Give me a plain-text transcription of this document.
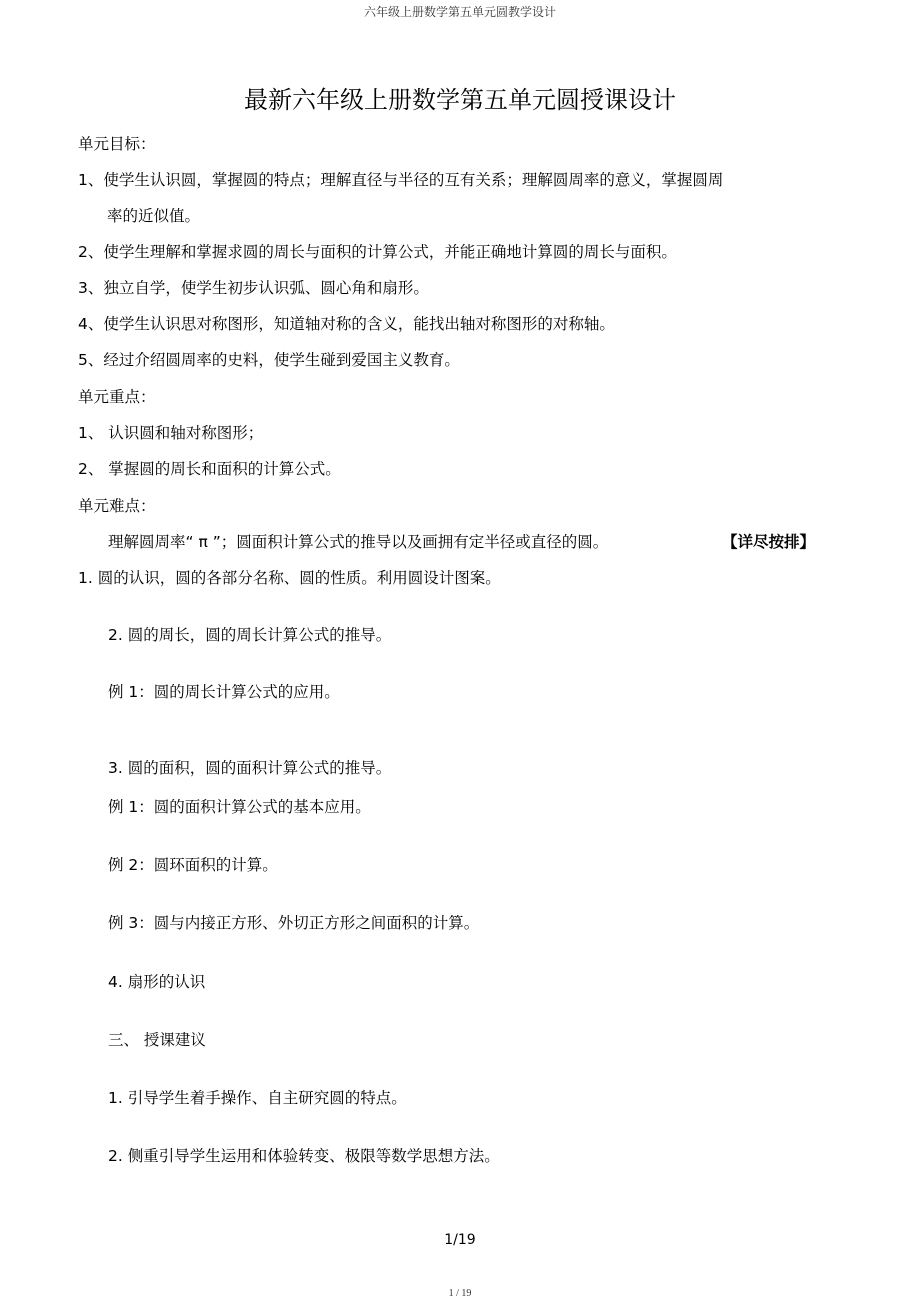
六年级上册数学第五单元圆教学设计
最新六年级上册数学第五单元圆授课设计
单元目标：
1、使学生认识圆，掌握圆的特点；理解直径与半径的互有关系；理解圆周率的意义，掌握圆周
率的近似值。
2、使学生理解和掌握求圆的周长与面积的计算公式，并能正确地计算圆的周长与面积。
3、独立自学，使学生初步认识弧、圆心角和扇形。
4、使学生认识思对称图形，知道轴对称的含义，能找出轴对称图形的对称轴。
5、经过介绍圆周率的史料，使学生碰到爱国主义教育。
单元重点：
1、 认识圆和轴对称图形；
2、 掌握圆的周长和面积的计算公式。
单元难点：
理解圆周率“ π ”；圆面积计算公式的推导以及画拥有定半径或直径的圆。	【详尽按排】
1. 圆的认识，圆的各部分名称、圆的性质。利用圆设计图案。
2. 圆的周长，圆的周长计算公式的推导。
例 1：圆的周长计算公式的应用。
3. 圆的面积，圆的面积计算公式的推导。
例 1：圆的面积计算公式的基本应用。
例 2：圆环面积的计算。
例 3：圆与内接正方形、外切正方形之间面积的计算。
4. 扇形的认识
三、 授课建议
1. 引导学生着手操作、自主研究圆的特点。
2. 侧重引导学生运用和体验转变、极限等数学思想方法。
1/19
1 / 19
